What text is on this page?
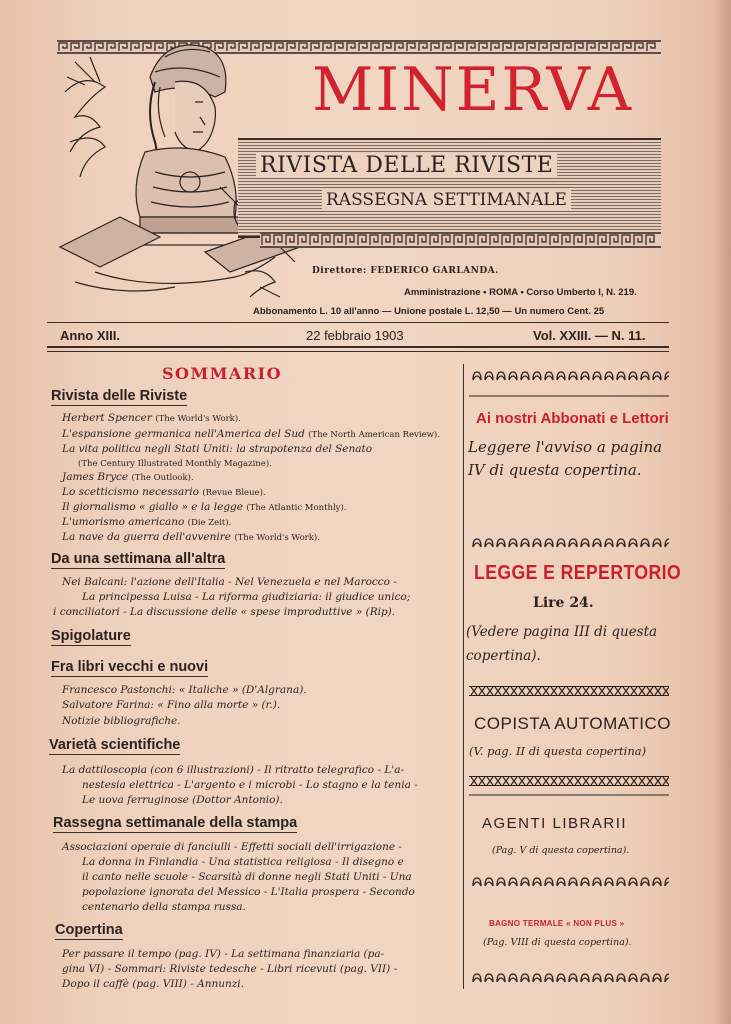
MINERVA
RIVISTA DELLE RIVISTE
RASSEGNA SETTIMANALE
Direttore: FEDERICO GARLANDA.
Amministrazione • ROMA • Corso Umberto I, N. 219.
Abbonamento L. 10 all'anno — Unione postale L. 12,50 — Un numero Cent. 25
Anno XIII.	22 febbraio 1903	Vol. XXIII. — N. 11.
SOMMARIO
Rivista delle Riviste
Herbert Spencer (The World's Work).
L'espansione germanica nell'America del Sud (The North American Review).
La vita politica negli Stati Uniti: la strapotenza del Senato
(The Century Illustrated Monthly Magazine).
James Bryce (The Outlook).
Lo scetticismo necessario (Revue Bleue).
Il giornalismo « giallo » e la legge (The Atlantic Monthly).
L'umorismo americano (Die Zeit).
La nave da guerra dell'avvenire (The World's Work).
Da una settimana all'altra
Nei Balcani: l'azione dell'Italia - Nel Venezuela e nel Marocco -
La principessa Luisa - La riforma giudiziaria: il giudice unico;
i conciliatori - La discussione delle « spese improduttive » (Rip).
Spigolature
Fra libri vecchi e nuovi
Francesco Pastonchi: « Italiche » (D'Algrana).
Salvatore Farina: « Fino alla morte » (r.).
Notizie bibliografiche.
Varietà scientifiche
La dattiloscopia (con 6 illustrazioni) - Il ritratto telegrafico - L'a-
nestesia elettrica - L'argento e i microbi - Lo stagno e la tenia -
Le uova ferruginose (Dottor Antonio).
Rassegna settimanale della stampa
Associazioni operaie di fanciulli - Effetti sociali dell'irrigazione -
La donna in Finlandia - Una statistica religiosa - Il disegno e
il canto nelle scuole - Scarsità di donne negli Stati Uniti - Una
popolazione ignorata del Messico - L'Italia prospera - Secondo
centenario della stampa russa.
Copertina
Per passare il tempo (pag. IV) - La settimana finanziaria (pa-
gina VI) - Sommari: Riviste tedesche - Libri ricevuti (pag. VII) -
Dopo il caffè (pag. VIII) - Annunzi.
Ai nostri Abbonati e Lettori
Leggere l'avviso a pagina IV di questa copertina.
LEGGE E REPERTORIO
Lire 24.
(Vedere pagina III di questa copertina).
COPISTA AUTOMATICO
(V. pag. II di questa copertina)
AGENTI LIBRARII
(Pag. V di questa copertina).
BAGNO TERMALE « NON PLUS »
(Pag. VIII di questa copertina).
